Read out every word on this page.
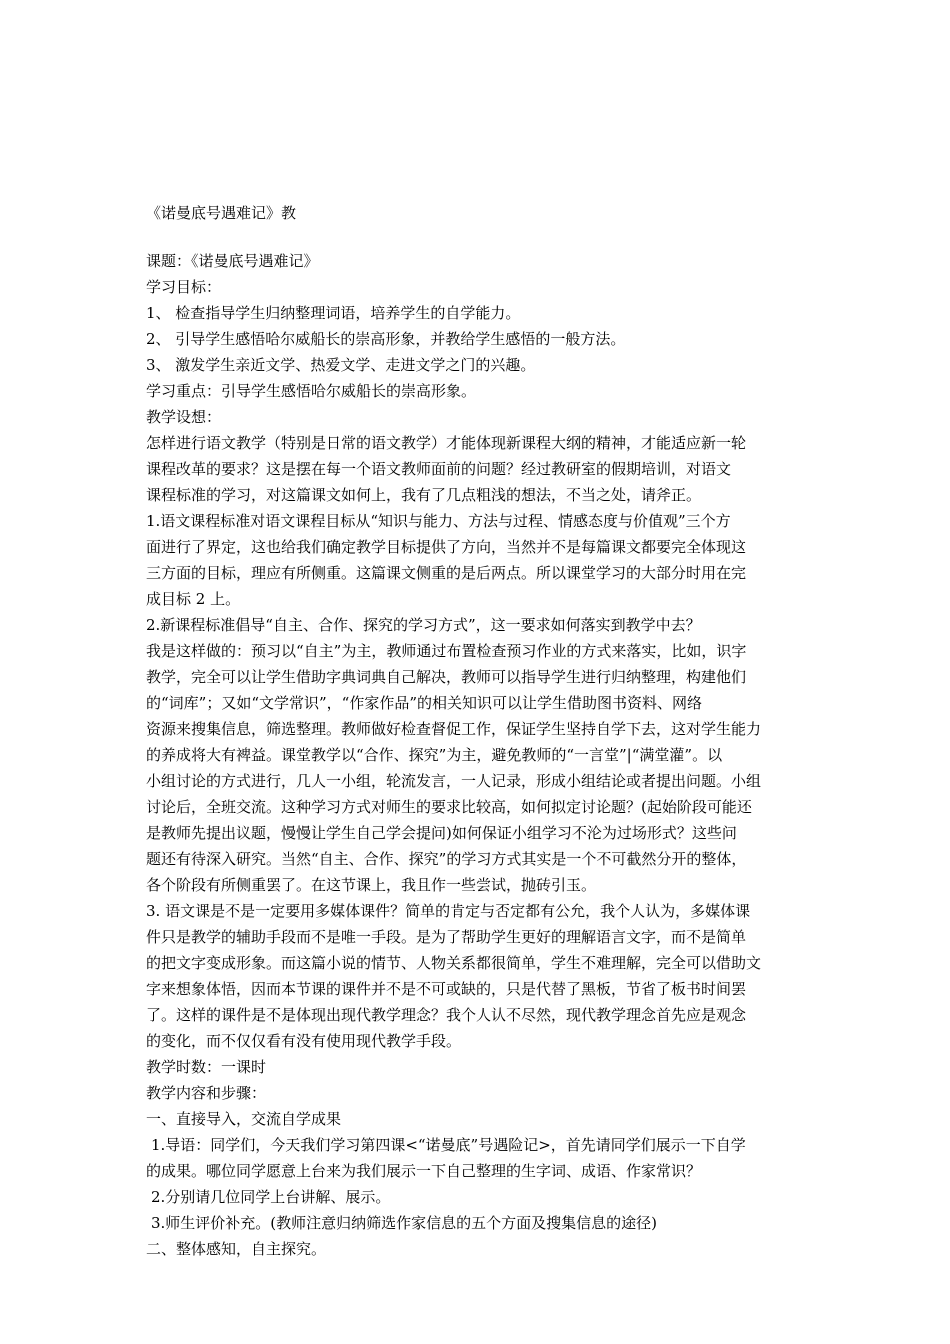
《诺曼底号遇难记》教
课题：《诺曼底号遇难记》
学习目标：
1、 检查指导学生归纳整理词语，培养学生的自学能力。
2、 引导学生感悟哈尔威船长的崇高形象，并教给学生感悟的一般方法。
3、 激发学生亲近文学、热爱文学、走进文学之门的兴趣。
学习重点：引导学生感悟哈尔威船长的崇高形象。
教学设想：
怎样进行语文教学（特别是日常的语文教学）才能体现新课程大纲的精神，才能适应新一轮
课程改革的要求？这是摆在每一个语文教师面前的问题？经过教研室的假期培训，对语文
课程标准的学习，对这篇课文如何上，我有了几点粗浅的想法，不当之处，请斧正。
1.语文课程标准对语文课程目标从“知识与能力、方法与过程、情感态度与价值观”三个方
面进行了界定，这也给我们确定教学目标提供了方向，当然并不是每篇课文都要完全体现这
三方面的目标，理应有所侧重。这篇课文侧重的是后两点。所以课堂学习的大部分时用在完
成目标 2 上。
2.新课程标准倡导“自主、合作、探究的学习方式”，这一要求如何落实到教学中去？
我是这样做的：预习以“自主”为主，教师通过布置检查预习作业的方式来落实，比如，识字
教学，完全可以让学生借助字典词典自己解决，教师可以指导学生进行归纳整理，构建他们
的“词库”；又如“文学常识”，“作家作品”的相关知识可以让学生借助图书资料、网络
资源来搜集信息，筛选整理。教师做好检查督促工作，保证学生坚持自学下去，这对学生能力
的养成将大有裨益。课堂教学以“合作、探究”为主，避免教师的“一言堂”|“满堂灌”。以
小组讨论的方式进行，几人一小组，轮流发言，一人记录，形成小组结论或者提出问题。小组
讨论后，全班交流。这种学习方式对师生的要求比较高，如何拟定讨论题？(起始阶段可能还
是教师先提出议题，慢慢让学生自己学会提问)如何保证小组学习不沦为过场形式？这些问
题还有待深入研究。当然“自主、合作、探究”的学习方式其实是一个不可截然分开的整体，
各个阶段有所侧重罢了。在这节课上，我且作一些尝试，抛砖引玉。
3. 语文课是不是一定要用多媒体课件？简单的肯定与否定都有公允，我个人认为，多媒体课
件只是教学的辅助手段而不是唯一手段。是为了帮助学生更好的理解语言文字，而不是简单
的把文字变成形象。而这篇小说的情节、人物关系都很简单，学生不难理解，完全可以借助文
字来想象体悟，因而本节课的课件并不是不可或缺的，只是代替了黑板，节省了板书时间罢
了。这样的课件是不是体现出现代教学理念？我个人认不尽然，现代教学理念首先应是观念
的变化，而不仅仅看有没有使用现代教学手段。
教学时数：一课时
教学内容和步骤：
一、直接导入，交流自学成果
1.导语：同学们，今天我们学习第四课<“诺曼底”号遇险记>，首先请同学们展示一下自学
的成果。哪位同学愿意上台来为我们展示一下自己整理的生字词、成语、作家常识？
2.分别请几位同学上台讲解、展示。
3.师生评价补充。(教师注意归纳筛选作家信息的五个方面及搜集信息的途径)
二、整体感知，自主探究。
